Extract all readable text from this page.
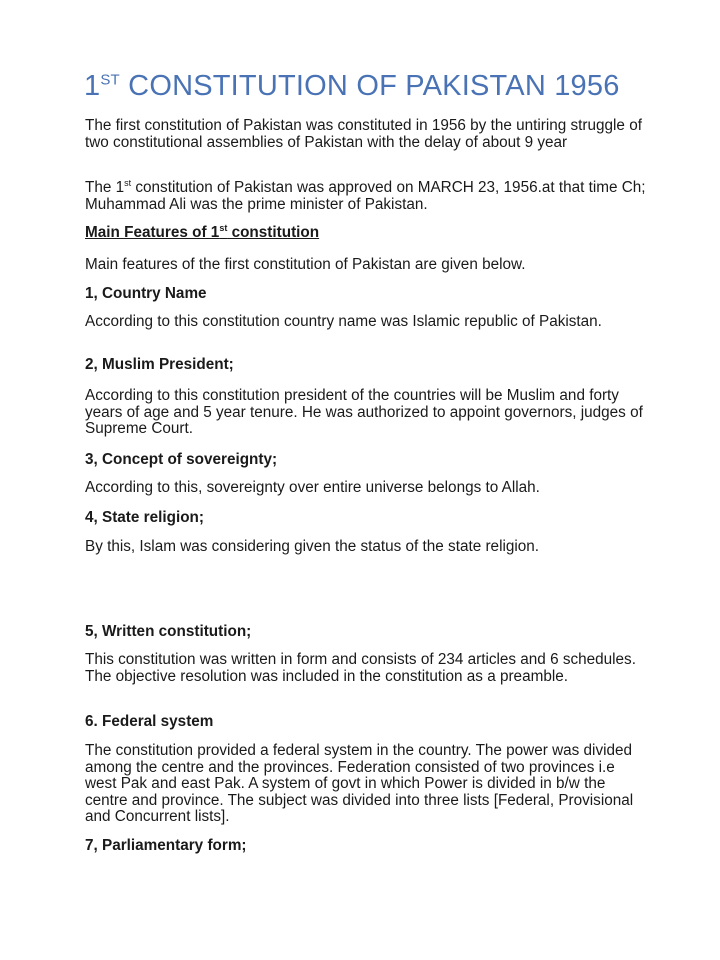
1ST CONSTITUTION OF PAKISTAN 1956

The first constitution of Pakistan was constituted in 1956 by the untiring struggle of two constitutional assemblies of Pakistan with the delay of about 9 year

The 1st constitution of Pakistan was approved on MARCH 23, 1956.at that time Ch; Muhammad Ali was the prime minister of Pakistan.

Main Features of 1st constitution

Main features of the first constitution of Pakistan are given below.

1, Country Name

According to this constitution country name was Islamic republic of Pakistan.

2, Muslim President;

According to this constitution president of the countries will be Muslim and forty years of age and 5 year tenure. He was authorized to appoint governors, judges of Supreme Court.

3, Concept of sovereignty;

According to this, sovereignty over entire universe belongs to Allah.

4, State religion;

By this, Islam was considering given the status of the state religion.

5, Written constitution;

This constitution was written in form and consists of 234 articles and 6 schedules. The objective resolution was included in the constitution as a preamble.

6. Federal system

The constitution provided a federal system in the country. The power was divided among the centre and the provinces. Federation consisted of two provinces i.e west Pak and east Pak. A system of govt in which Power is divided in b/w the centre and province. The subject was divided into three lists [Federal, Provisional and Concurrent lists].

7, Parliamentary form;
